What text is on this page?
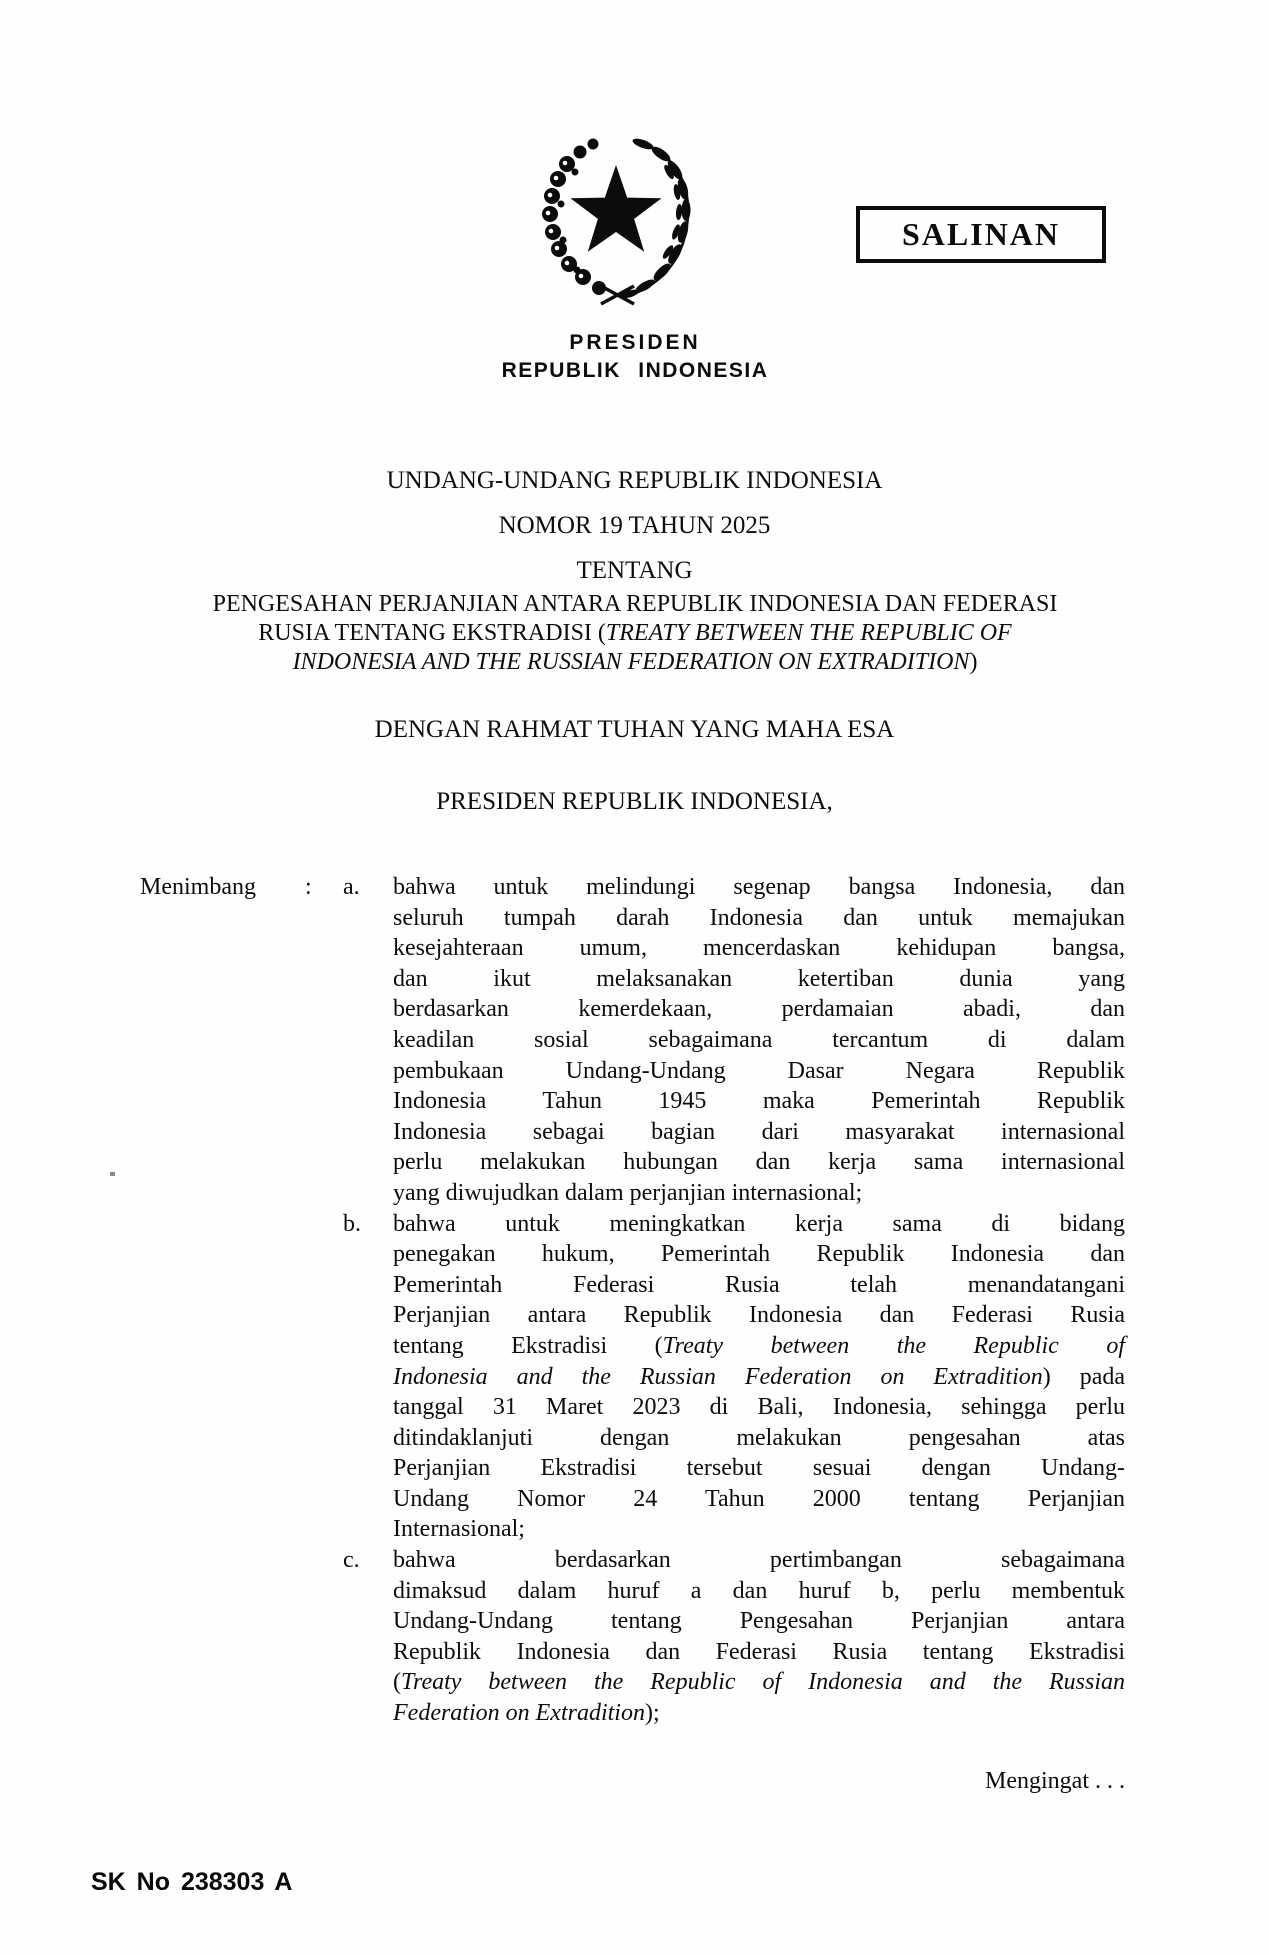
SALINAN
PRESIDEN
REPUBLIK INDONESIA
UNDANG-UNDANG REPUBLIK INDONESIA
NOMOR 19 TAHUN 2025
TENTANG
PENGESAHAN PERJANJIAN ANTARA REPUBLIK INDONESIA DAN FEDERASI
RUSIA TENTANG EKSTRADISI (TREATY BETWEEN THE REPUBLIC OF
INDONESIA AND THE RUSSIAN FEDERATION ON EXTRADITION)
DENGAN RAHMAT TUHAN YANG MAHA ESA
PRESIDEN REPUBLIK INDONESIA,
Menimbang : a.	bahwa untuk melindungi segenap bangsa Indonesia, dan
seluruh tumpah darah Indonesia dan untuk memajukan
kesejahteraan umum, mencerdaskan kehidupan bangsa,
dan ikut melaksanakan ketertiban dunia yang
berdasarkan kemerdekaan, perdamaian abadi, dan
keadilan sosial sebagaimana tercantum di dalam
pembukaan Undang-Undang Dasar Negara Republik
Indonesia Tahun 1945 maka Pemerintah Republik
Indonesia sebagai bagian dari masyarakat internasional
perlu melakukan hubungan dan kerja sama internasional
yang diwujudkan dalam perjanjian internasional;
b.	bahwa untuk meningkatkan kerja sama di bidang
penegakan hukum, Pemerintah Republik Indonesia dan
Pemerintah Federasi Rusia telah menandatangani
Perjanjian antara Republik Indonesia dan Federasi Rusia
tentang Ekstradisi (Treaty between the Republic of
Indonesia and the Russian Federation on Extradition) pada
tanggal 31 Maret 2023 di Bali, Indonesia, sehingga perlu
ditindaklanjuti dengan melakukan pengesahan atas
Perjanjian Ekstradisi tersebut sesuai dengan Undang-
Undang Nomor 24 Tahun 2000 tentang Perjanjian
Internasional;
c.	bahwa berdasarkan pertimbangan sebagaimana
dimaksud dalam huruf a dan huruf b, perlu membentuk
Undang-Undang tentang Pengesahan Perjanjian antara
Republik Indonesia dan Federasi Rusia tentang Ekstradisi
(Treaty between the Republic of Indonesia and the Russian
Federation on Extradition);
Mengingat . . .
SK No 238303 A
